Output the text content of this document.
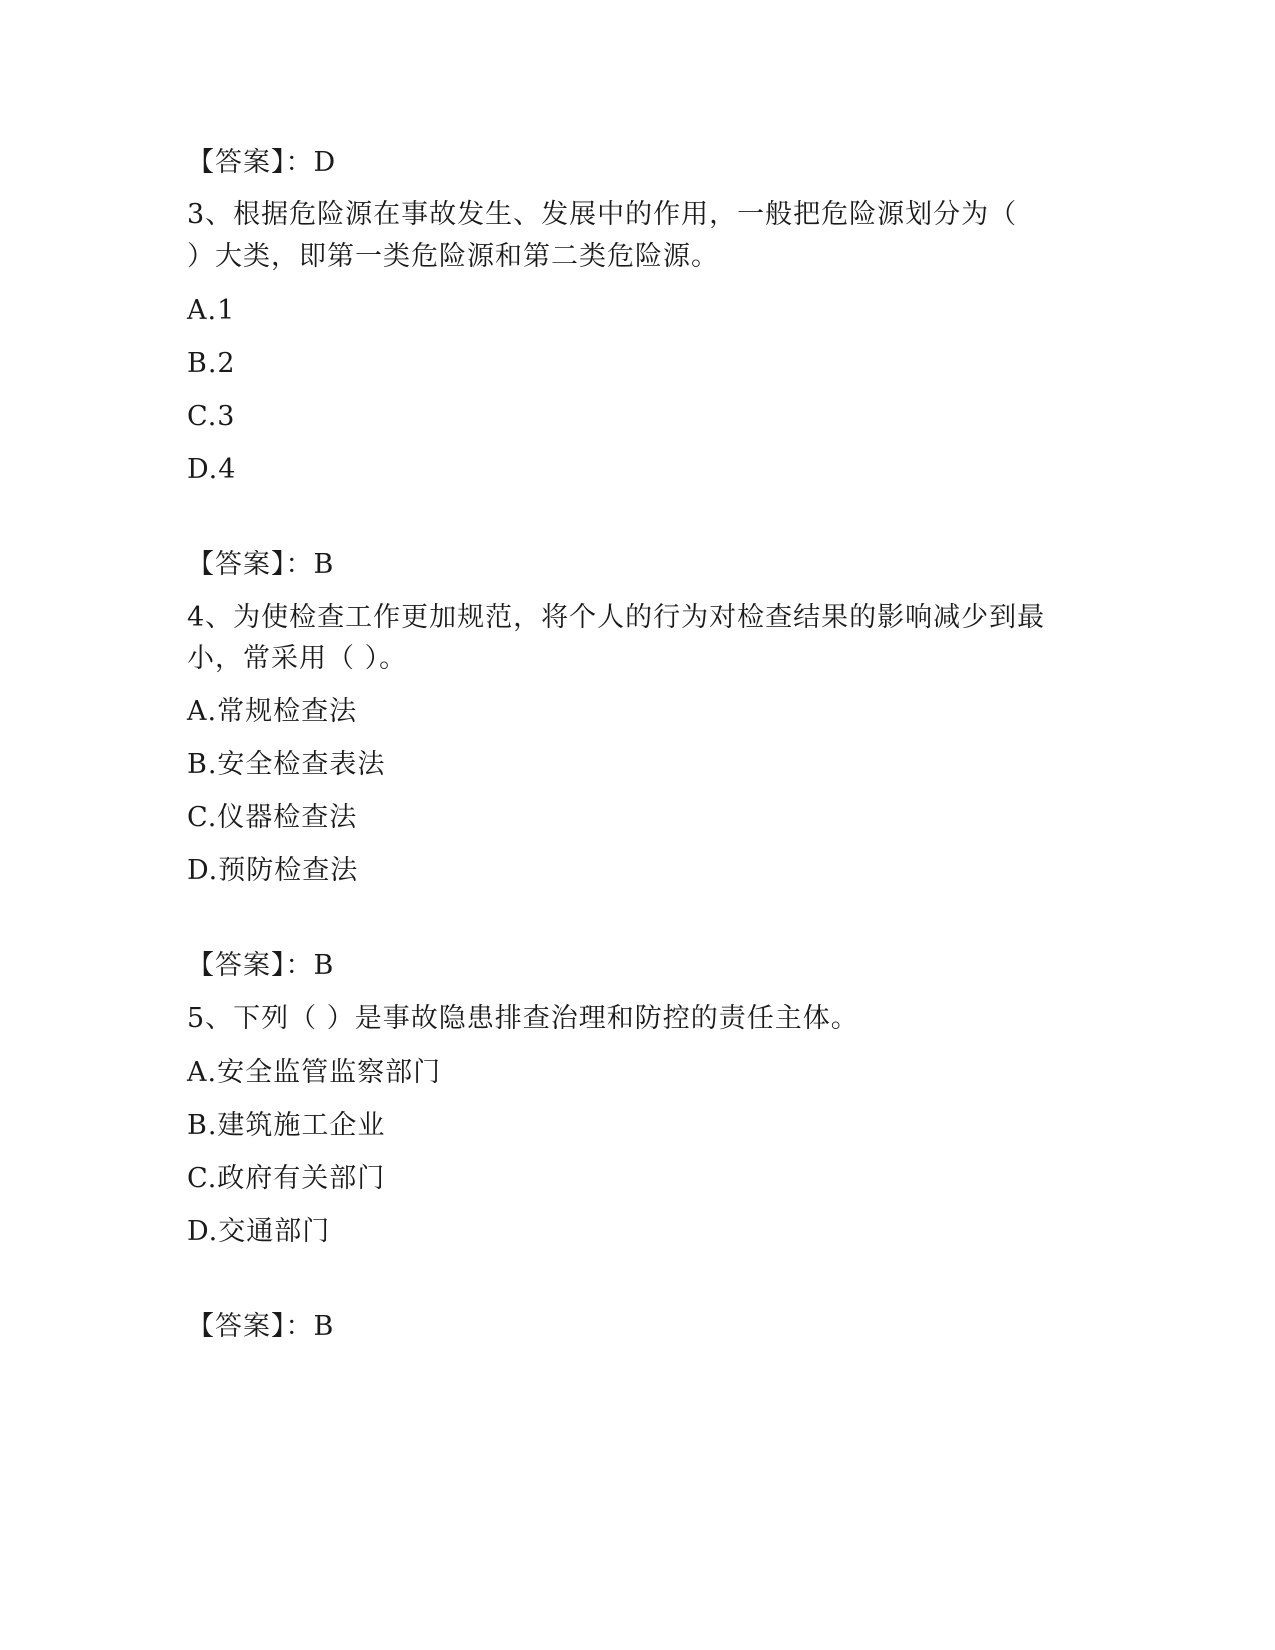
【答案】：D
3、根据危险源在事故发生、发展中的作用，一般把危险源划分为（
）大类，即第一类危险源和第二类危险源。
A.1
B.2
C.3
D.4
【答案】：B
4、为使检查工作更加规范，将个人的行为对检查结果的影响减少到最
小，常采用（ ）。
A.常规检查法
B.安全检查表法
C.仪器检查法
D.预防检查法
【答案】：B
5、下列（ ）是事故隐患排查治理和防控的责任主体。
A.安全监管监察部门
B.建筑施工企业
C.政府有关部门
D.交通部门
【答案】：B
